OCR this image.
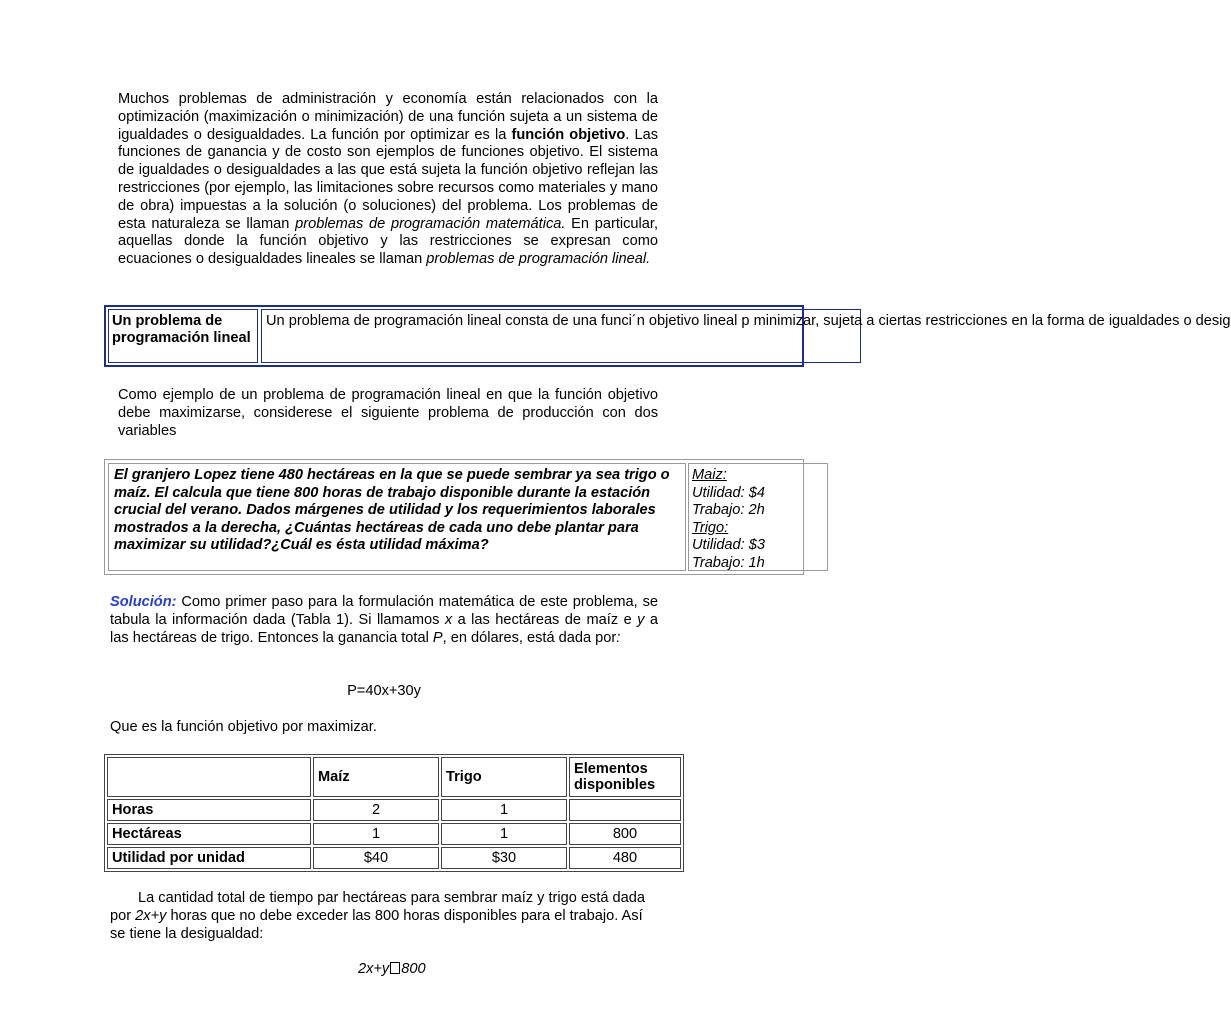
Muchos problemas de administración y economía están relacionados con la optimización (maximización o minimización) de una función sujeta a un sistema de igualdades o desigualdades. La función por optimizar es la función objetivo. Las funciones de ganancia y de costo son ejemplos de funciones objetivo. El sistema de igualdades o desigualdades a las que está sujeta la función objetivo reflejan las restricciones (por ejemplo, las limitaciones sobre recursos como materiales y mano de obra) impuestas a la solución (o soluciones) del problema. Los problemas de esta naturaleza se llaman problemas de programación matemática. En particular, aquellas donde la función objetivo y las restricciones se expresan como ecuaciones o desigualdades lineales se llaman problemas de programación lineal.
Un problema de programación lineal
Un problema de programación lineal consta de una funci´n objetivo lineal p minimizar, sujeta a ciertas restricciones en la forma de igualdades o desig
Como ejemplo de un problema de programación lineal en que la función objetivo debe maximizarse, considerese el siguiente problema de producción con dos variables
El granjero Lopez tiene 480 hectáreas en la que se puede sembrar ya sea trigo o maíz. El calcula que tiene 800 horas de trabajo disponible durante la estación crucial del verano. Dados márgenes de utilidad y los requerimientos laborales mostrados a la derecha, ¿Cuántas hectáreas de cada uno debe plantar para maximizar su utilidad?¿Cuál es ésta utilidad máxima?
Maiz:
Utilidad: $4
Trabajo: 2h
Trigo:
Utilidad: $3
Trabajo: 1h
Solución: Como primer paso para la formulación matemática de este problema, se tabula la información dada (Tabla 1). Si llamamos x a las hectáreas de maíz e y a las hectáreas de trigo. Entonces la ganancia total P, en dólares, está dada por:
P=40x+30y
Que es la función objetivo por maximizar.
	Maíz	Trigo	Elementos disponibles
Horas	2	1	
Hectáreas	1	1	800
Utilidad por unidad	$40	$30	480
La cantidad total de tiempo par hectáreas para sembrar maíz y trigo está dada por 2x+y horas que no debe exceder las 800 horas disponibles para el trabajo. Así se tiene la desigualdad:
2x+y 800
